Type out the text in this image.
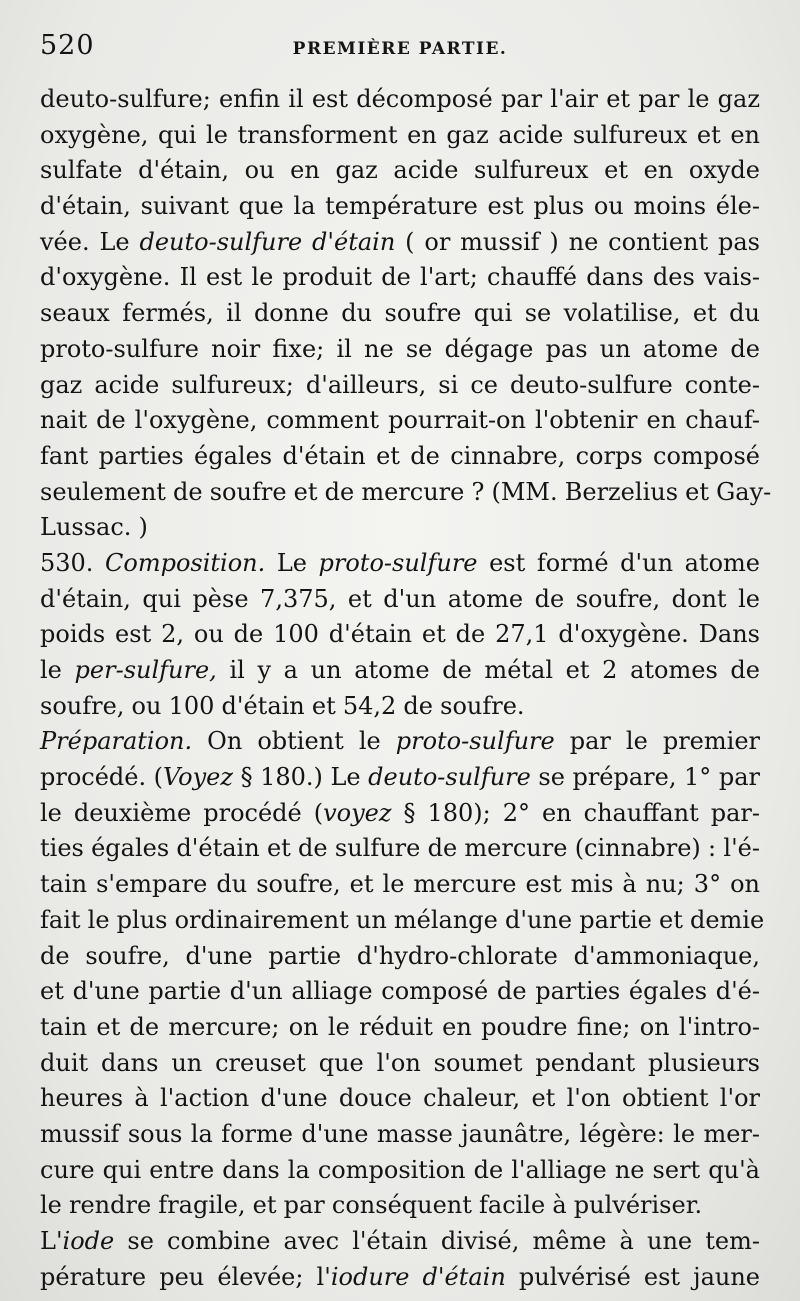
520	PREMIÈRE PARTIE.
deuto-sulfure; enfin il est décomposé par l'air et par le gaz
oxygène, qui le transforment en gaz acide sulfureux et en
sulfate d'étain, ou en gaz acide sulfureux et en oxyde
d'étain, suivant que la température est plus ou moins éle-
vée. Le deuto-sulfure d'étain ( or mussif ) ne contient pas
d'oxygène. Il est le produit de l'art; chauffé dans des vais-
seaux fermés, il donne du soufre qui se volatilise, et du
proto-sulfure noir fixe; il ne se dégage pas un atome de
gaz acide sulfureux; d'ailleurs, si ce deuto-sulfure conte-
nait de l'oxygène, comment pourrait-on l'obtenir en chauf-
fant parties égales d'étain et de cinnabre, corps composé
seulement de soufre et de mercure ? (MM. Berzelius et Gay-
Lussac. )
530. Composition. Le proto-sulfure est formé d'un atome
d'étain, qui pèse 7,375, et d'un atome de soufre, dont le
poids est 2, ou de 100 d'étain et de 27,1 d'oxygène. Dans
le per-sulfure, il y a un atome de métal et 2 atomes de
soufre, ou 100 d'étain et 54,2 de soufre.
Préparation. On obtient le proto-sulfure par le premier
procédé. (Voyez § 180.) Le deuto-sulfure se prépare, 1° par
le deuxième procédé (voyez § 180); 2° en chauffant par-
ties égales d'étain et de sulfure de mercure (cinnabre) : l'é-
tain s'empare du soufre, et le mercure est mis à nu; 3° on
fait le plus ordinairement un mélange d'une partie et demie
de soufre, d'une partie d'hydro-chlorate d'ammoniaque,
et d'une partie d'un alliage composé de parties égales d'é-
tain et de mercure; on le réduit en poudre fine; on l'intro-
duit dans un creuset que l'on soumet pendant plusieurs
heures à l'action d'une douce chaleur, et l'on obtient l'or
mussif sous la forme d'une masse jaunâtre, légère: le mer-
cure qui entre dans la composition de l'alliage ne sert qu'à
le rendre fragile, et par conséquent facile à pulvériser.
L'iode se combine avec l'étain divisé, même à une tem-
pérature peu élevée; l'iodure d'étain pulvérisé est jaune
